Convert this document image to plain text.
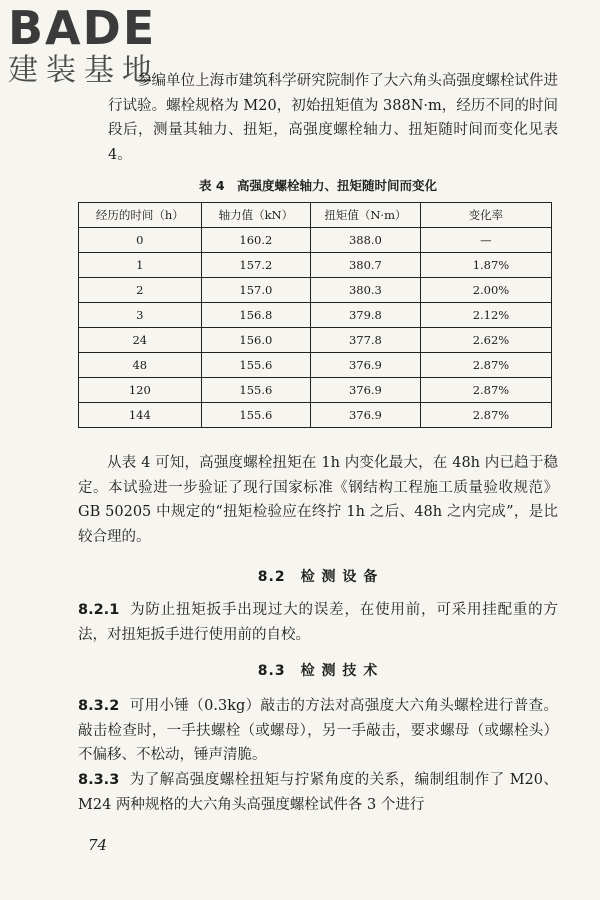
BADE
建装基地

参编单位上海市建筑科学研究院制作了大六角头高强度螺栓试件进行试验。螺栓规格为 M20，初始扭矩值为 388N·m，经历不同的时间段后，测量其轴力、扭矩，高强度螺栓轴力、扭矩随时间而变化见表 4。

表 4　高强度螺栓轴力、扭矩随时间而变化
经历的时间（h）	轴力值（kN）	扭矩值（N·m）	变化率
0	160.2	388.0	—
1	157.2	380.7	1.87%
2	157.0	380.3	2.00%
3	156.8	379.8	2.12%
24	156.0	377.8	2.62%
48	155.6	376.9	2.87%
120	155.6	376.9	2.87%
144	155.6	376.9	2.87%

从表 4 可知，高强度螺栓扭矩在 1h 内变化最大，在 48h 内已趋于稳定。本试验进一步验证了现行国家标准《钢结构工程施工质量验收规范》GB 50205 中规定的“扭矩检验应在终拧 1h 之后、48h 之内完成”，是比较合理的。

8.2　检 测 设 备

8.2.1 为防止扭矩扳手出现过大的误差，在使用前，可采用挂配重的方法，对扭矩扳手进行使用前的自校。

8.3　检 测 技 术

8.3.2 可用小锤（0.3kg）敲击的方法对高强度大六角头螺栓进行普查。敲击检查时，一手扶螺栓（或螺母），另一手敲击，要求螺母（或螺栓头）不偏移、不松动，锤声清脆。

8.3.3 为了解高强度螺栓扭矩与拧紧角度的关系，编制组制作了 M20、M24 两种规格的大六角头高强度螺栓试件各 3 个进行

74
